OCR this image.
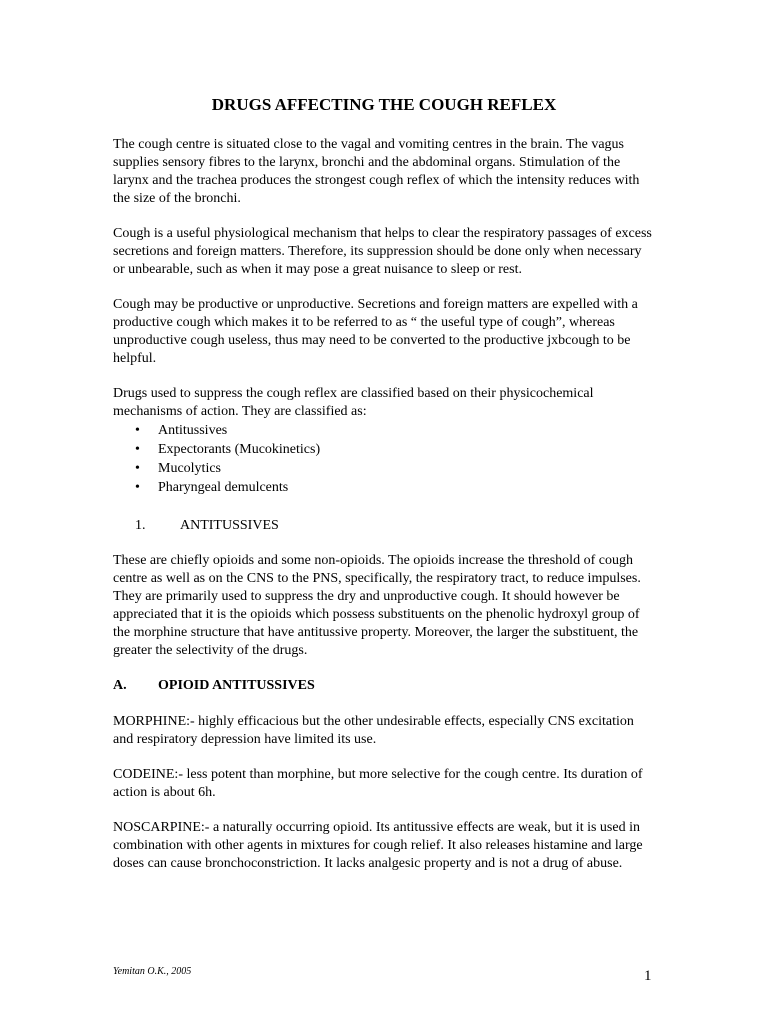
DRUGS AFFECTING THE COUGH REFLEX

The cough centre is situated close to the vagal and vomiting centres in the brain. The vagus supplies sensory fibres to the larynx, bronchi and the abdominal organs. Stimulation of the larynx and the trachea produces the strongest cough reflex of which the intensity reduces with the size of the bronchi.

Cough is a useful physiological mechanism that helps to clear the respiratory passages of excess secretions and foreign matters. Therefore, its suppression should be done only when necessary or unbearable, such as when it may pose a great nuisance to sleep or rest.

Cough may be productive or unproductive. Secretions and foreign matters are expelled with a productive cough which makes it to be referred to as “ the useful type of cough”, whereas unproductive cough useless, thus may need to be converted to the productive jxbcough to be helpful.

Drugs used to suppress the cough reflex are classified based on their physicochemical mechanisms of action. They are classified as:

• Antitussives
• Expectorants (Mucokinetics)
• Mucolytics
• Pharyngeal demulcents
1.	ANTITUSSIVES

These are chiefly opioids and some non-opioids. The opioids increase the threshold of cough centre as well as on the CNS to the PNS, specifically, the respiratory tract, to reduce impulses. They are primarily used to suppress the dry and unproductive cough. It should however be appreciated that it is the opioids which possess substituents on the phenolic hydroxyl group of the morphine structure that have antitussive property. Moreover, the larger the substituent, the greater the selectivity of the drugs.

A.	OPIOID ANTITUSSIVES

MORPHINE:- highly efficacious but the other undesirable effects, especially CNS excitation and respiratory depression have limited its use.

CODEINE:- less potent than morphine, but more selective for the cough centre. Its duration of action is about 6h.

NOSCARPINE:- a naturally occurring opioid. Its antitussive effects are weak, but it is used in combination with other agents in mixtures for cough relief. It also releases histamine and large doses can cause bronchoconstriction. It lacks analgesic property and is not a drug of abuse.

Yemitan O.K., 2005	1
